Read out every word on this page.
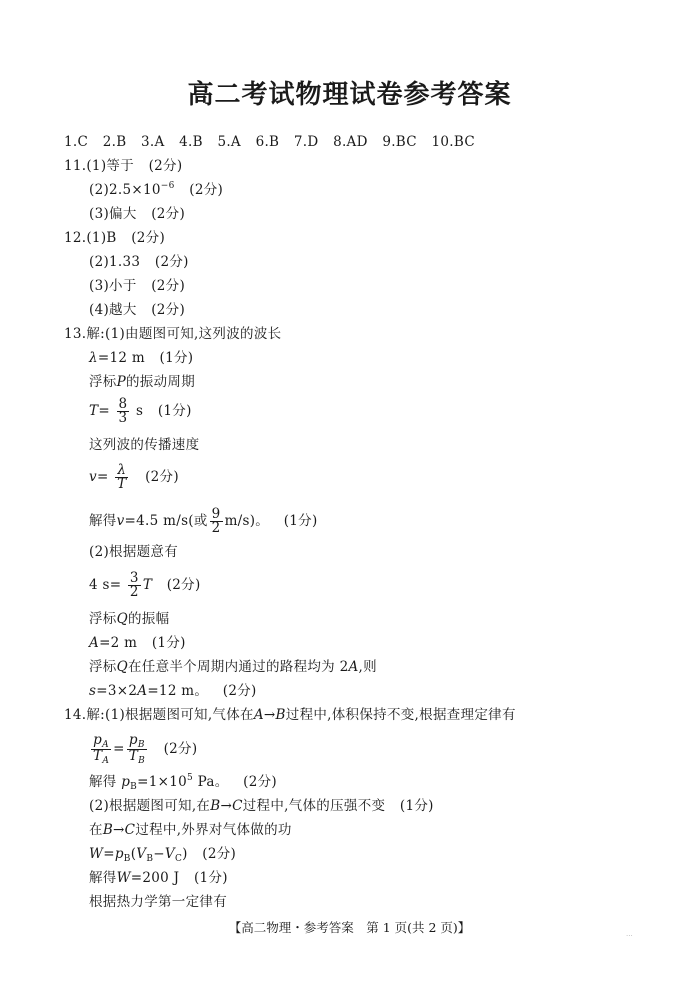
高二考试物理试卷参考答案
1.C 2.B 3.A 4.B 5.A 6.B 7.D 8.AD 9.BC 10.BC
11.(1)等于 (2分)
$(2)2.5\times 10^{-6}$ (2分)
(3)偏大 (2分)
12.(1)B (2分)
(2)1.33 (2分)
(3)小于 (2分)
(4)越大 (2分)
13.解:(1)由题图可知,这列波的波长
λ=12 m (1分)
浮标P的振动周期
$T= \frac{8}{3}$ s (1分)
这列波的传播速度
$v= \frac{\lambda}{T} (2$分)
解得v=4.5 m/s(或 $\frac{9}{2} m/s$)。 (1分)
(2)根据题意有
4 $s= \frac{3}{2}$ T (2分)
浮标Q的振幅
A=2 m (1分)
浮标Q在任意半个周期内通过的路程均为 2A,则
s=3×2A=12 m。 (2分)
14.解:(1)根据题图可知,气体在A→B过程中,体积保持不变,根据查理定律有
$\frac{p_A}{T_A} = \frac{p_B}{T_B} (2$分)
解得 $p_B=1\times 10^5$ Pa。 (2分)
(2)根据题图可知,在B→C过程中,气体的压强不变 (1分)
在B→C过程中,外界对气体做的功
$W=p_B(V_B-V_C)$ (2分)
解得W=200 J (1分)
根据热力学第一定律有
【高二物理・参考答案　第 1 页(共 2 页)】	...
